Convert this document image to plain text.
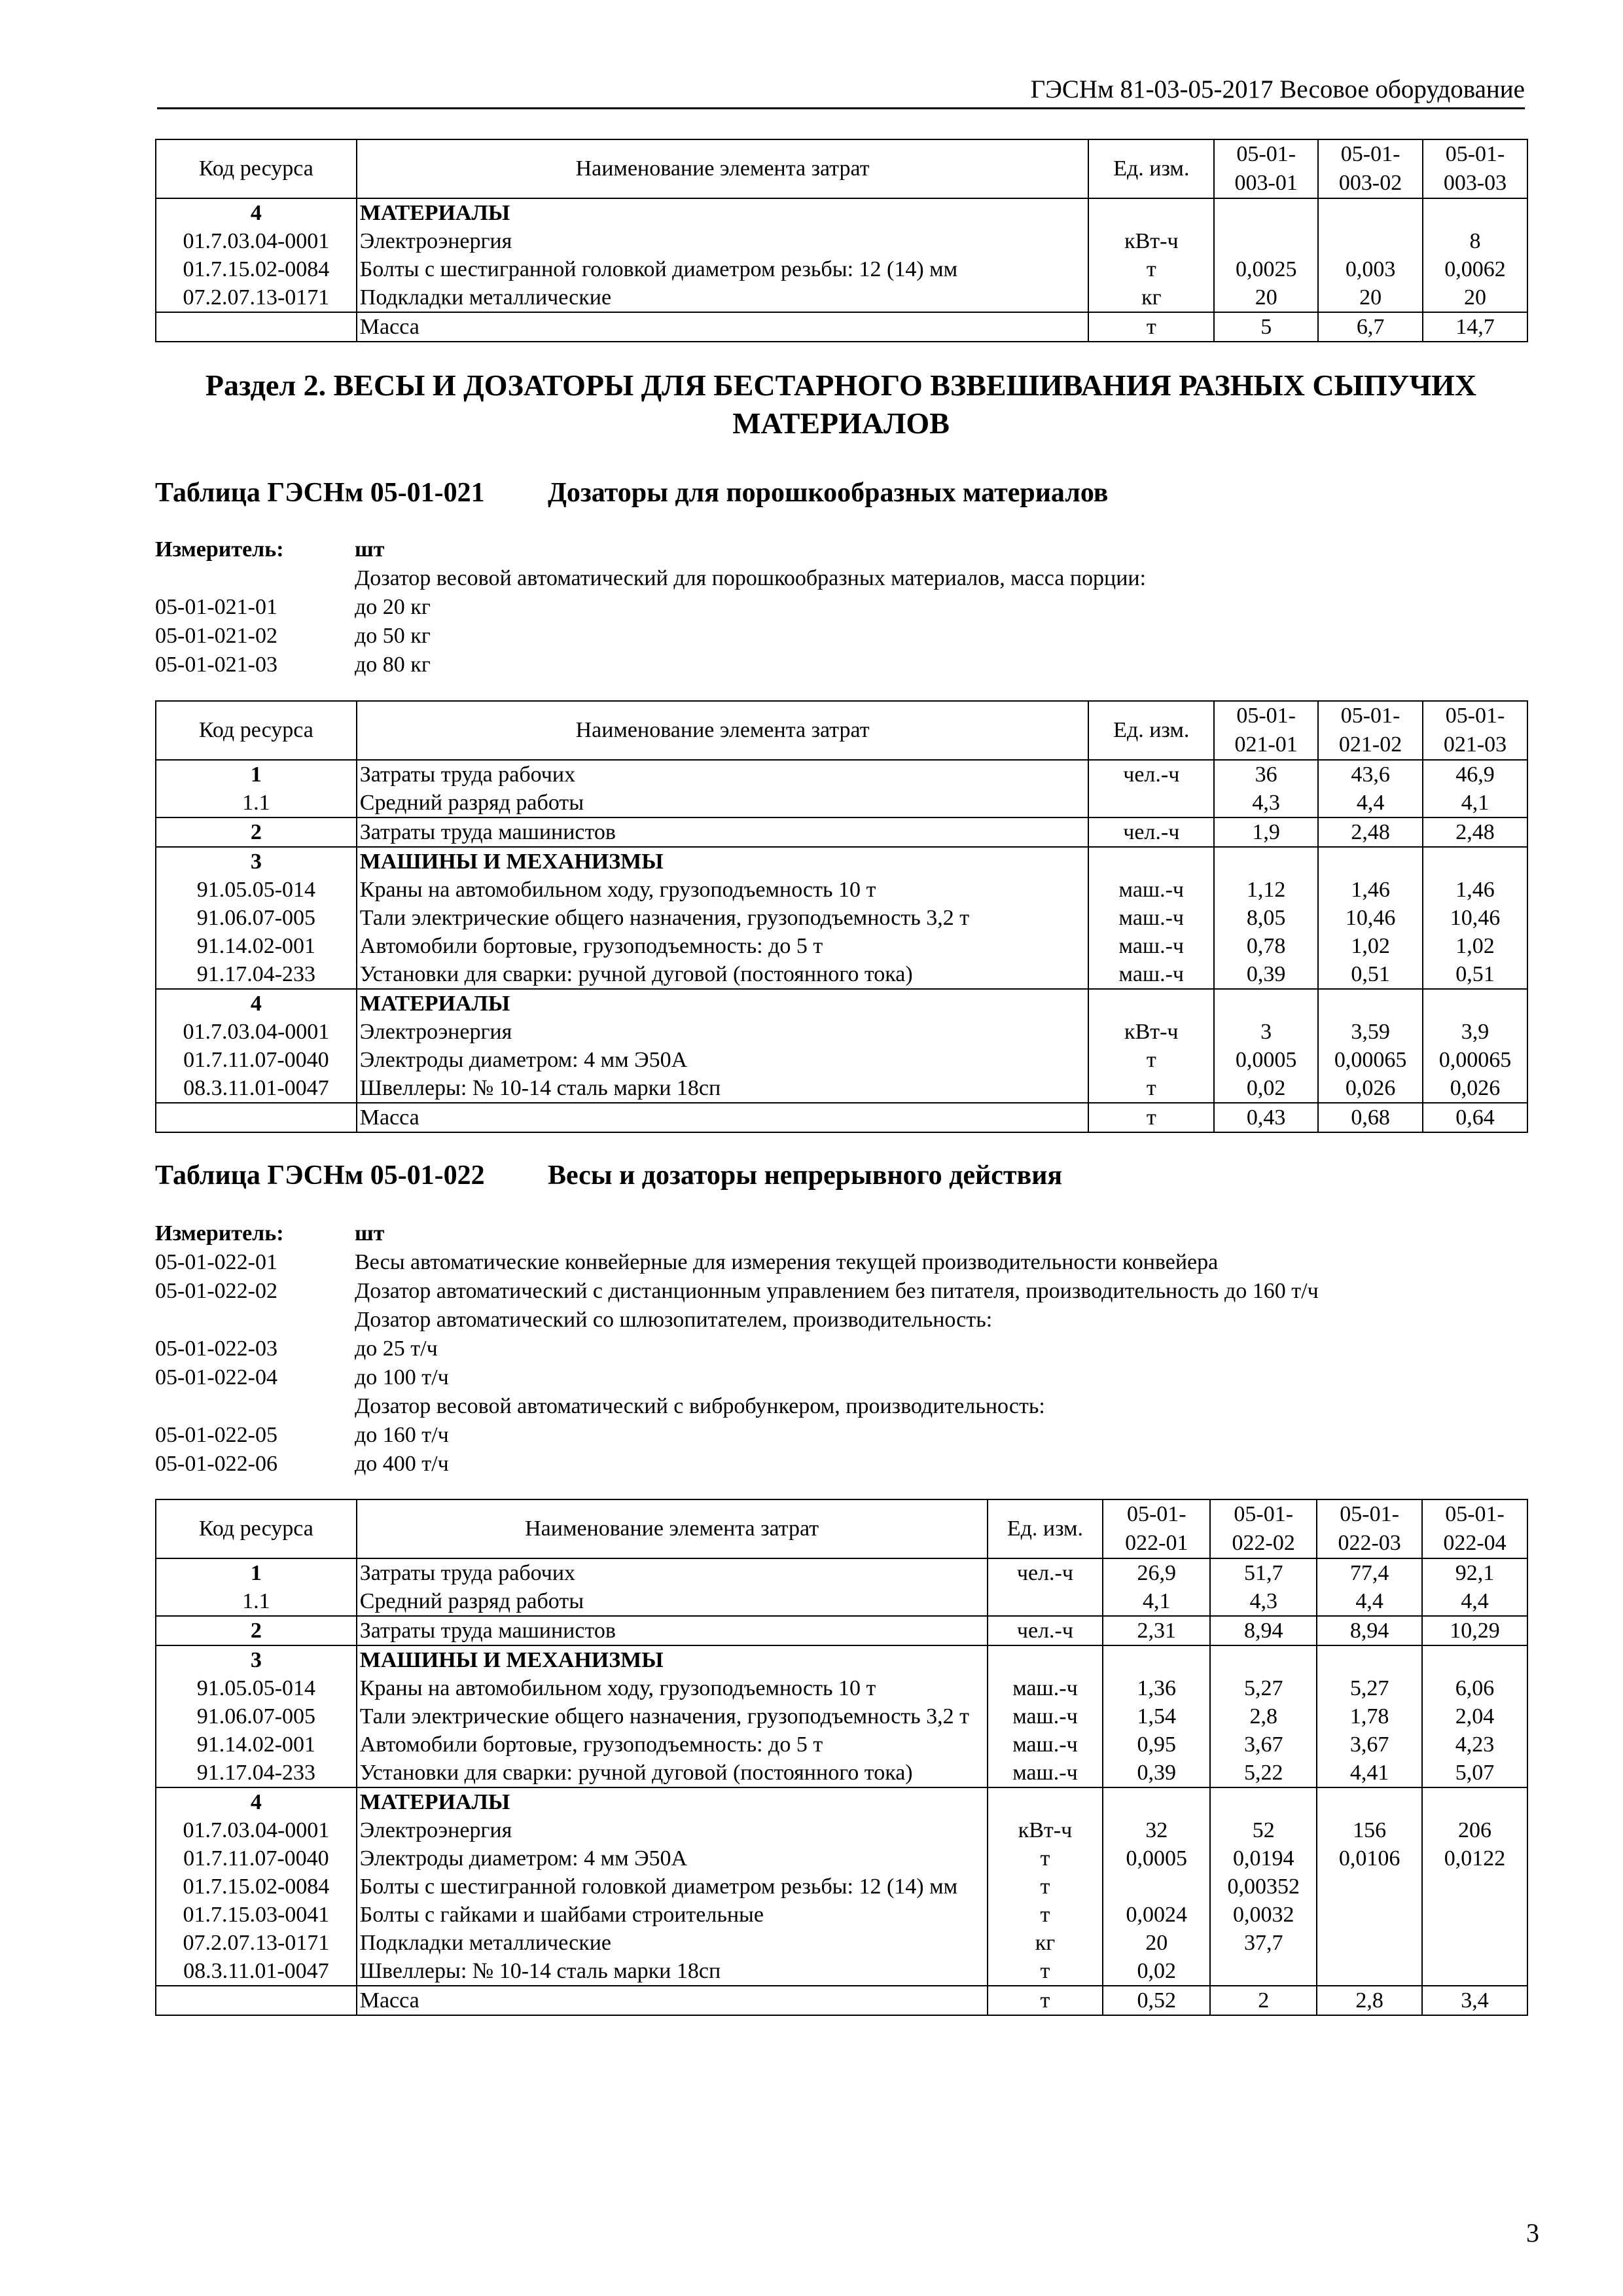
ГЭСНм 81-03-05-2017 Весовое оборудование
Код ресурса	Наименование элемента затрат	Ед. изм.	05-01-
003-01	05-01-
003-02	05-01-
003-03
4	МАТЕРИАЛЫ				
01.7.03.04-0001	Электроэнергия	кВт-ч			8
01.7.15.02-0084	Болты с шестигранной головкой диаметром резьбы: 12 (14) мм	т	0,0025	0,003	0,0062
07.2.07.13-0171	Подкладки металлические	кг	20	20	20
	Масса	т	5	6,7	14,7
Раздел 2. ВЕСЫ И ДОЗАТОРЫ ДЛЯ БЕСТАРНОГО ВЗВЕШИВАНИЯ РАЗНЫХ СЫПУЧИХ МАТЕРИАЛОВ
Таблица ГЭСНм 05-01-021 Дозаторы для порошкообразных материалов
Измеритель:	шт
Дозатор весовой автоматический для порошкообразных материалов, масса порции:
05-01-021-01	до 20 кг
05-01-021-02	до 50 кг
05-01-021-03	до 80 кг
Код ресурса	Наименование элемента затрат	Ед. изм.	05-01-
021-01	05-01-
021-02	05-01-
021-03
1	Затраты труда рабочих	чел.-ч	36	43,6	46,9
1.1	Средний разряд работы		4,3	4,4	4,1
2	Затраты труда машинистов	чел.-ч	1,9	2,48	2,48
3	МАШИНЫ И МЕХАНИЗМЫ				
91.05.05-014	Краны на автомобильном ходу, грузоподъемность 10 т	маш.-ч	1,12	1,46	1,46
91.06.07-005	Тали электрические общего назначения, грузоподъемность 3,2 т	маш.-ч	8,05	10,46	10,46
91.14.02-001	Автомобили бортовые, грузоподъемность: до 5 т	маш.-ч	0,78	1,02	1,02
91.17.04-233	Установки для сварки: ручной дуговой (постоянного тока)	маш.-ч	0,39	0,51	0,51
4	МАТЕРИАЛЫ				
01.7.03.04-0001	Электроэнергия	кВт-ч	3	3,59	3,9
01.7.11.07-0040	Электроды диаметром: 4 мм Э50А	т	0,0005	0,00065	0,00065
08.3.11.01-0047	Швеллеры: № 10-14 сталь марки 18сп	т	0,02	0,026	0,026
	Масса	т	0,43	0,68	0,64
Таблица ГЭСНм 05-01-022 Весы и дозаторы непрерывного действия
Измеритель:	шт
05-01-022-01	Весы автоматические конвейерные для измерения текущей производительности конвейера
05-01-022-02	Дозатор автоматический с дистанционным управлением без питателя, производительность до 160 т/ч
Дозатор автоматический со шлюзопитателем, производительность:
05-01-022-03	до 25 т/ч
05-01-022-04	до 100 т/ч
Дозатор весовой автоматический с вибробункером, производительность:
05-01-022-05	до 160 т/ч
05-01-022-06	до 400 т/ч
Код ресурса	Наименование элемента затрат	Ед. изм.	05-01-
022-01	05-01-
022-02	05-01-
022-03	05-01-
022-04
1	Затраты труда рабочих	чел.-ч	26,9	51,7	77,4	92,1
1.1	Средний разряд работы		4,1	4,3	4,4	4,4
2	Затраты труда машинистов	чел.-ч	2,31	8,94	8,94	10,29
3	МАШИНЫ И МЕХАНИЗМЫ					
91.05.05-014	Краны на автомобильном ходу, грузоподъемность 10 т	маш.-ч	1,36	5,27	5,27	6,06
91.06.07-005	Тали электрические общего назначения, грузоподъемность 3,2 т	маш.-ч	1,54	2,8	1,78	2,04
91.14.02-001	Автомобили бортовые, грузоподъемность: до 5 т	маш.-ч	0,95	3,67	3,67	4,23
91.17.04-233	Установки для сварки: ручной дуговой (постоянного тока)	маш.-ч	0,39	5,22	4,41	5,07
4	МАТЕРИАЛЫ					
01.7.03.04-0001	Электроэнергия	кВт-ч	32	52	156	206
01.7.11.07-0040	Электроды диаметром: 4 мм Э50А	т	0,0005	0,0194	0,0106	0,0122
01.7.15.02-0084	Болты с шестигранной головкой диаметром резьбы: 12 (14) мм	т		0,00352		
01.7.15.03-0041	Болты с гайками и шайбами строительные	т	0,0024	0,0032		
07.2.07.13-0171	Подкладки металлические	кг	20	37,7		
08.3.11.01-0047	Швеллеры: № 10-14 сталь марки 18сп	т	0,02			
	Масса	т	0,52	2	2,8	3,4
3
